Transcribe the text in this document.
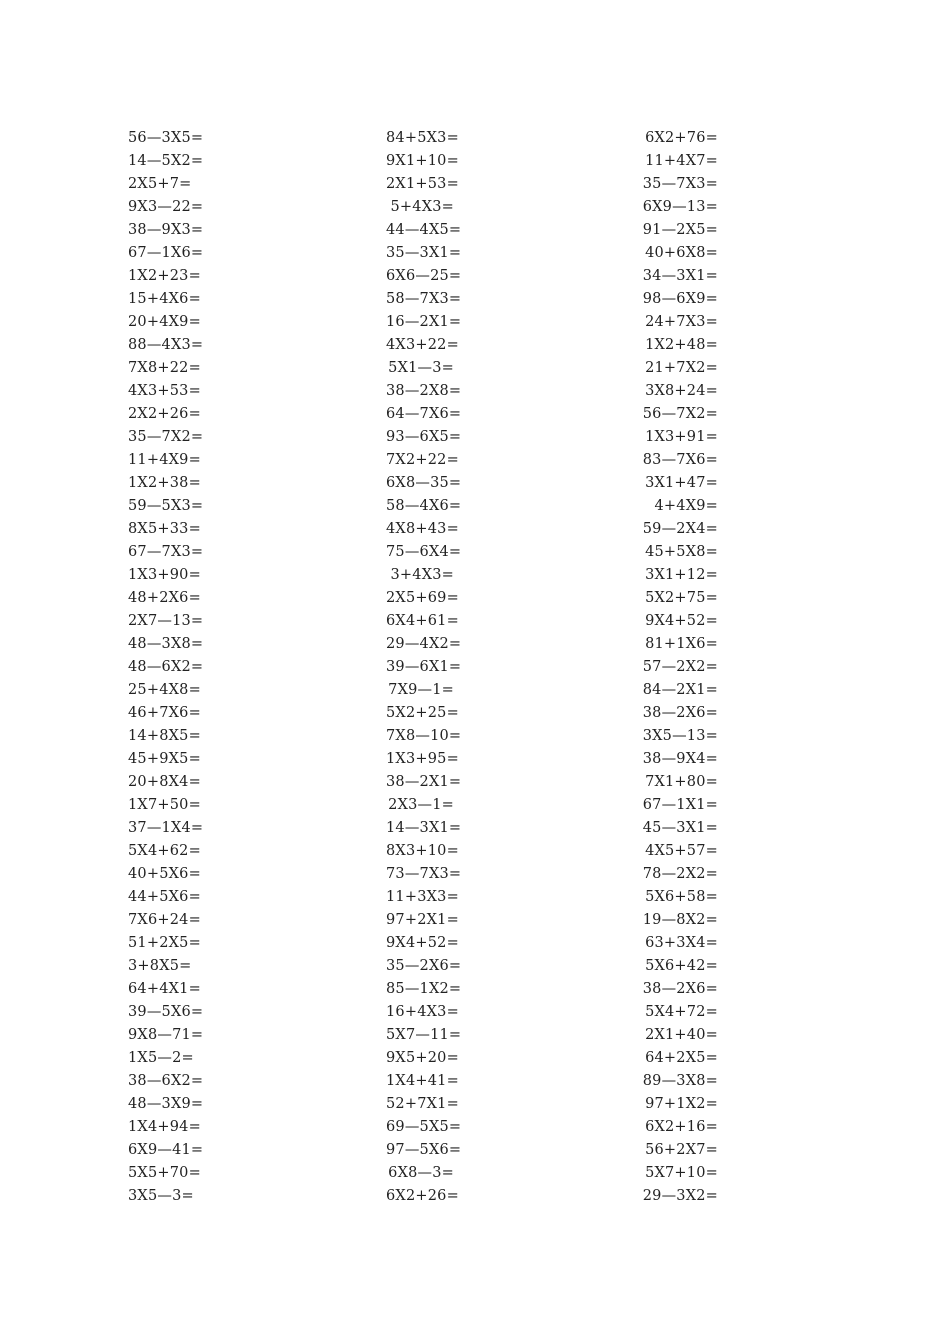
56—3X5=
14—5X2=
2X5+7=
9X3—22=
38—9X3=
67—1X6=
1X2+23=
15+4X6=
20+4X9=
88—4X3=
7X8+22=
4X3+53=
2X2+26=
35—7X2=
11+4X9=
1X2+38=
59—5X3=
8X5+33=
67—7X3=
1X3+90=
48+2X6=
2X7—13=
48—3X8=
48—6X2=
25+4X8=
46+7X6=
14+8X5=
45+9X5=
20+8X4=
1X7+50=
37—1X4=
5X4+62=
40+5X6=
44+5X6=
7X6+24=
51+2X5=
3+8X5=
64+4X1=
39—5X6=
9X8—71=
1X5—2=
38—6X2=
48—3X9=
1X4+94=
6X9—41=
5X5+70=
3X5—3=
84+5X3=
9X1+10=
2X1+53=
5+4X3=
44—4X5=
35—3X1=
6X6—25=
58—7X3=
16—2X1=
4X3+22=
5X1—3=
38—2X8=
64—7X6=
93—6X5=
7X2+22=
6X8—35=
58—4X6=
4X8+43=
75—6X4=
3+4X3=
2X5+69=
6X4+61=
29—4X2=
39—6X1=
7X9—1=
5X2+25=
7X8—10=
1X3+95=
38—2X1=
2X3—1=
14—3X1=
8X3+10=
73—7X3=
11+3X3=
97+2X1=
9X4+52=
35—2X6=
85—1X2=
16+4X3=
5X7—11=
9X5+20=
1X4+41=
52+7X1=
69—5X5=
97—5X6=
6X8—3=
6X2+26=
6X2+76=
11+4X7=
35—7X3=
6X9—13=
91—2X5=
40+6X8=
34—3X1=
98—6X9=
24+7X3=
1X2+48=
21+7X2=
3X8+24=
56—7X2=
1X3+91=
83—7X6=
3X1+47=
4+4X9=
59—2X4=
45+5X8=
3X1+12=
5X2+75=
9X4+52=
81+1X6=
57—2X2=
84—2X1=
38—2X6=
3X5—13=
38—9X4=
7X1+80=
67—1X1=
45—3X1=
4X5+57=
78—2X2=
5X6+58=
19—8X2=
63+3X4=
5X6+42=
38—2X6=
5X4+72=
2X1+40=
64+2X5=
89—3X8=
97+1X2=
6X2+16=
56+2X7=
5X7+10=
29—3X2=
